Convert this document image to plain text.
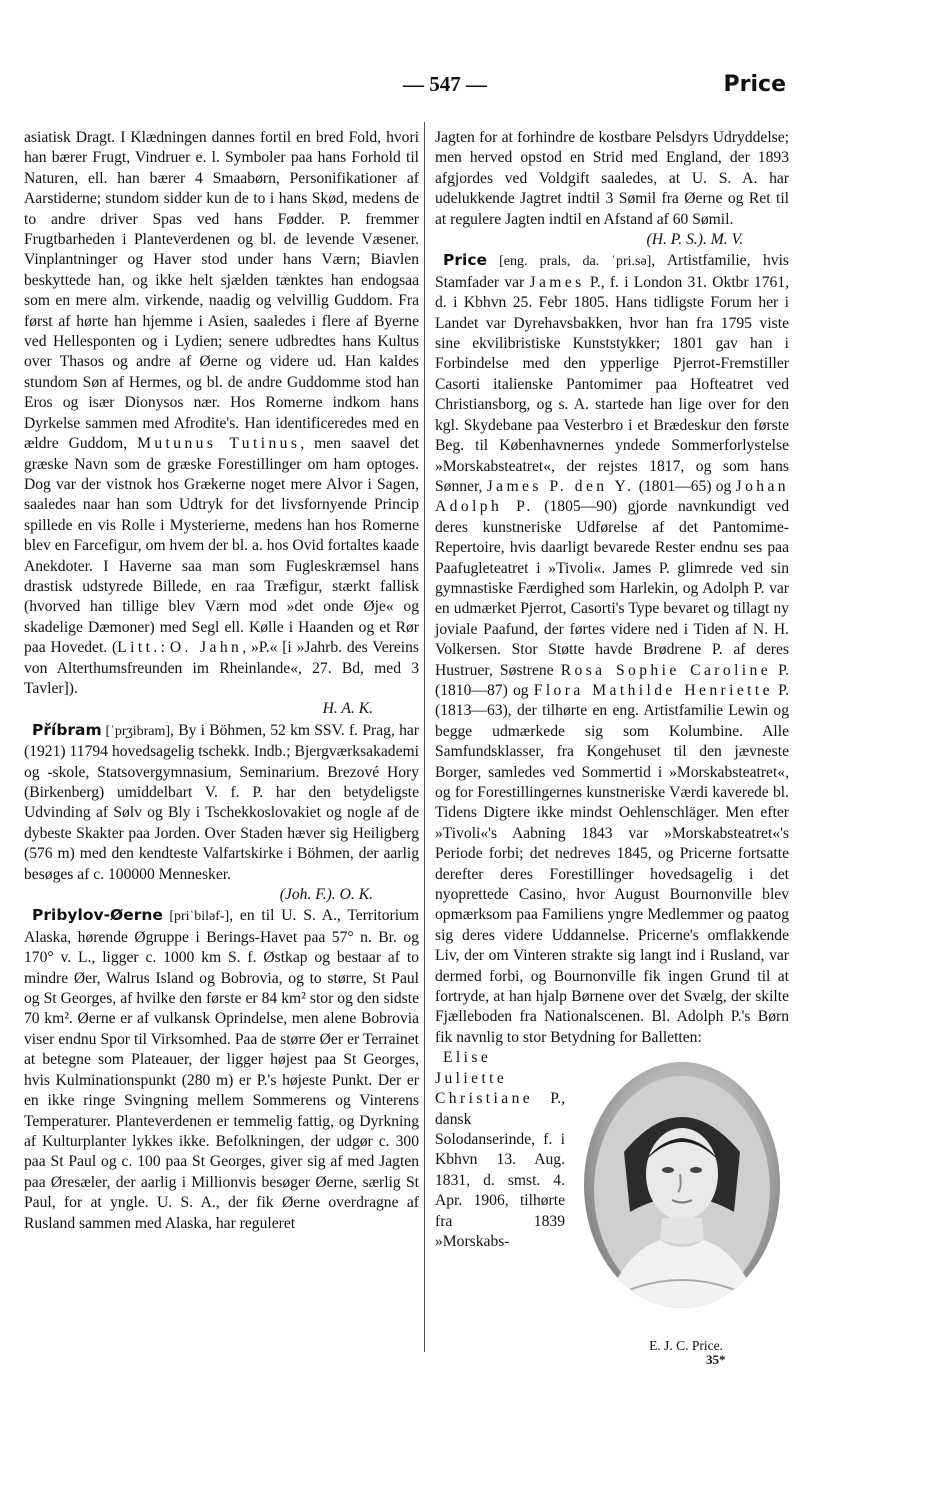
— 547 —	Price

asiatisk Dragt. I Klædningen dannes fortil en bred Fold, hvori han bærer Frugt, Vindruer e. l. Symboler paa hans Forhold til Naturen, ell. han bærer 4 Smaabørn, Personifikationer af Aarstiderne; stundom sidder kun de to i hans Skød, medens de to andre driver Spas ved hans Fødder. P. fremmer Frugtbarheden i Planteverdenen og bl. de levende Væsener. Vinplantninger og Haver stod under hans Værn; Biavlen beskyttede han, og ikke helt sjælden tænktes han endogsaa som en mere alm. virkende, naadig og velvillig Guddom. Fra først af hørte han hjemme i Asien, saaledes i flere af Byerne ved Hellesponten og i Lydien; senere udbredtes hans Kultus over Thasos og andre af Øerne og videre ud. Han kaldes stundom Søn af Hermes, og bl. de andre Guddomme stod han Eros og især Dionysos nær. Hos Romerne indkom hans Dyrkelse sammen med Afrodite's. Han identificeredes med en ældre Guddom, Mutunus Tutinus, men saavel det græske Navn som de græske Forestillinger om ham optoges. Dog var der vistnok hos Grækerne noget mere Alvor i Sagen, saaledes naar han som Udtryk for det livsfornyende Princip spillede en vis Rolle i Mysterierne, medens han hos Romerne blev en Farcefigur, om hvem der bl. a. hos Ovid fortaltes kaade Anekdoter. I Haverne saa man som Fugleskræmsel hans drastisk udstyrede Billede, en raa Træfigur, stærkt fallisk (hvorved han tillige blev Værn mod »det onde Øje« og skadelige Dæmoner) med Segl ell. Kølle i Haanden og et Rør paa Hovedet. (Litt.: O. Jahn, »P.« [i »Jahrb. des Vereins von Alterthumsfreunden im Rheinlande«, 27. Bd, med 3 Tavler]).

H. A. K.

Příbram [ˈpr̝ʒibram], By i Böhmen, 52 km SSV. f. Prag, har (1921) 11794 hovedsagelig tschekk. Indb.; Bjergværksakademi og -skole, Statsovergymnasium, Seminarium. Brezové Hory (Birkenberg) umiddelbart V. f. P. har den betydeligste Udvinding af Sølv og Bly i Tschekkoslovakiet og nogle af de dybeste Skakter paa Jorden. Over Staden hæver sig Heiligberg (576 m) med den kendteste Valfartskirke i Böhmen, der aarlig besøges af c. 100000 Mennesker.

(Joh. F.). O. K.

Pribylov-Øerne [priˈbiləf-], en til U. S. A., Territorium Alaska, hørende Øgruppe i Berings-Havet paa 57° n. Br. og 170° v. L., ligger c. 1000 km S. f. Østkap og bestaar af to mindre Øer, Walrus Island og Bobrovia, og to større, St Paul og St Georges, af hvilke den første er 84 km² stor og den sidste 70 km². Øerne er af vulkansk Oprindelse, men alene Bobrovia viser endnu Spor til Virksomhed. Paa de større Øer er Terrainet at betegne som Plateauer, der ligger højest paa St Georges, hvis Kulminationspunkt (280 m) er P.'s højeste Punkt. Der er en ikke ringe Svingning mellem Sommerens og Vinterens Temperaturer. Planteverdenen er temmelig fattig, og Dyrkning af Kulturplanter lykkes ikke. Befolkningen, der udgør c. 300 paa St Paul og c. 100 paa St Georges, giver sig af med Jagten paa Øresæler, der aarlig i Millionvis besøger Øerne, særlig St Paul, for at yngle. U. S. A., der fik Øerne overdragne af Rusland sammen med Alaska, har reguleret

Jagten for at forhindre de kostbare Pelsdyrs Udryddelse; men herved opstod en Strid med England, der 1893 afgjordes ved Voldgift saaledes, at U. S. A. har udelukkende Jagtret indtil 3 Sømil fra Øerne og Ret til at regulere Jagten indtil en Afstand af 60 Sømil.

(H. P. S.). M. V.

Price [eng. prals, da. ˈpri.sə], Artistfamilie, hvis Stamfader var James P., f. i London 31. Oktbr 1761, d. i Kbhvn 25. Febr 1805. Hans tidligste Forum her i Landet var Dyrehavsbakken, hvor han fra 1795 viste sine ekvilibristiske Kunststykker; 1801 gav han i Forbindelse med den ypperlige Pjerrot-Fremstiller Casorti italienske Pantomimer paa Hofteatret ved Christiansborg, og s. A. startede han lige over for den kgl. Skydebane paa Vesterbro i et Brædeskur den første Beg. til Københavnernes yndede Sommerforlystelse »Morskabsteatret«, der rejstes 1817, og som hans Sønner, James P. den Y. (1801—65) og Johan Adolph P. (1805—90) gjorde navnkundigt ved deres kunstneriske Udførelse af det Pantomime-Repertoire, hvis daarligt bevarede Rester endnu ses paa Paafugleteatret i »Tivoli«. James P. glimrede ved sin gymnastiske Færdighed som Harlekin, og Adolph P. var en udmærket Pjerrot, Casorti's Type bevaret og tillagt ny joviale Paafund, der førtes videre ned i Tiden af N. H. Volkersen. Stor Støtte havde Brødrene P. af deres Hustruer, Søstrene Rosa Sophie Caroline P. (1810—87) og Flora Mathilde Henriette P. (1813—63), der tilhørte en eng. Artistfamilie Lewin og begge udmærkede sig som Kolumbine. Alle Samfundsklasser, fra Kongehuset til den jævneste Borger, samledes ved Sommertid i »Morskabsteatret«, og for Forestillingernes kunstneriske Værdi kaverede bl. Tidens Digtere ikke mindst Oehlenschläger. Men efter »Tivoli«'s Aabning 1843 var »Morskabsteatret«'s Periode forbi; det nedreves 1845, og Pricerne fortsatte derefter deres Forestillinger hovedsagelig i det nyoprettede Casino, hvor August Bournonville blev opmærksom paa Familiens yngre Medlemmer og paatog sig deres videre Uddannelse. Pricerne's omflakkende Liv, der om Vinteren strakte sig langt ind i Rusland, var dermed forbi, og Bournonville fik ingen Grund til at fortryde, at han hjalp Børnene over det Svælg, der skilte Fjælleboden fra Nationalscenen. Bl. Adolph P.'s Børn fik navnlig to stor Betydning for Balletten:
E. J. C. Price.

Elise Juliette Christiane P., dansk Solodanserinde, f. i Kbhvn 13. Aug. 1831, d. smst. 4. Apr. 1906, tilhørte fra 1839 »Morskabs-

35*
